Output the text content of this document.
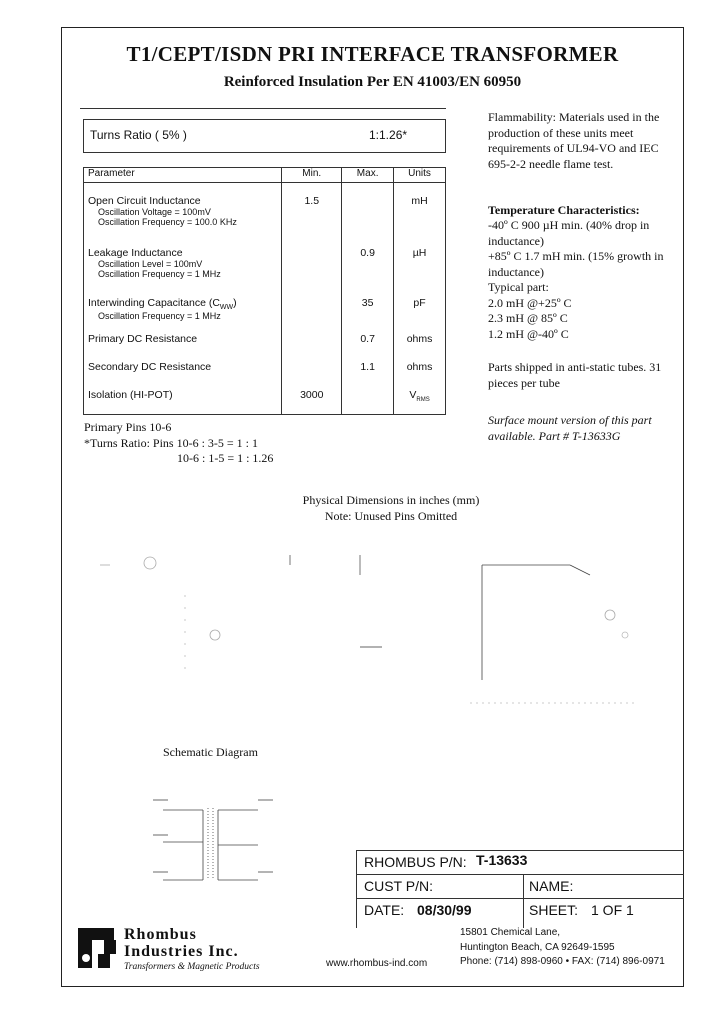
T1/CEPT/ISDN PRI INTERFACE TRANSFORMER
Reinforced Insulation Per EN 41003/EN 60950
Turns Ratio ( 5% )	1:1.26*
Parameter	Min.	Max.	Units
Open Circuit Inductance
Oscillation Voltage = 100mV
Oscillation Frequency = 100.0 KHz	1.5		mH
Leakage Inductance
Oscillation Level = 100mV
Oscillation Frequency = 1 MHz		0.9	µH
Interwinding Capacitance $(C_{WW})$
Oscillation Frequency = 1 MHz		35	pF
Primary DC Resistance		0.7	ohms
Secondary DC Resistance		1.1	ohms
Isolation (HI-POT)	3000		$V_{RMS}$
Primary Pins 10-6
*Turns Ratio: Pins 10-6 : 3-5 = 1 : 1
10-6 : 1-5 = 1 : 1.26
Flammability: Materials used in the production of these units meet requirements of UL94-VO and IEC 695-2-2 needle flame test.
Temperature Characteristics:
-40º C 900 µH min. (40% drop in inductance)
+85º C 1.7 mH min. (15% growth in inductance)
Typical part:
2.0 mH @+25º C
2.3 mH @ 85º C
1.2 mH @-40º C
Parts shipped in anti-static tubes. 31 pieces per tube
Surface mount version of this part available. Part # T-13633G
Physical Dimensions in inches (mm)
Note: Unused Pins Omitted
Schematic Diagram
RHOMBUS P/N: T-13633
CUST P/N:	NAME:
DATE: 08/30/99	SHEET: 1 OF 1
Rhombus
Industries Inc.
Transformers & Magnetic Products	www.rhombus-ind.com
15801 Chemical Lane,
Huntington Beach, CA 92649-1595
Phone: (714) 898-0960 • FAX: (714) 896-0971
